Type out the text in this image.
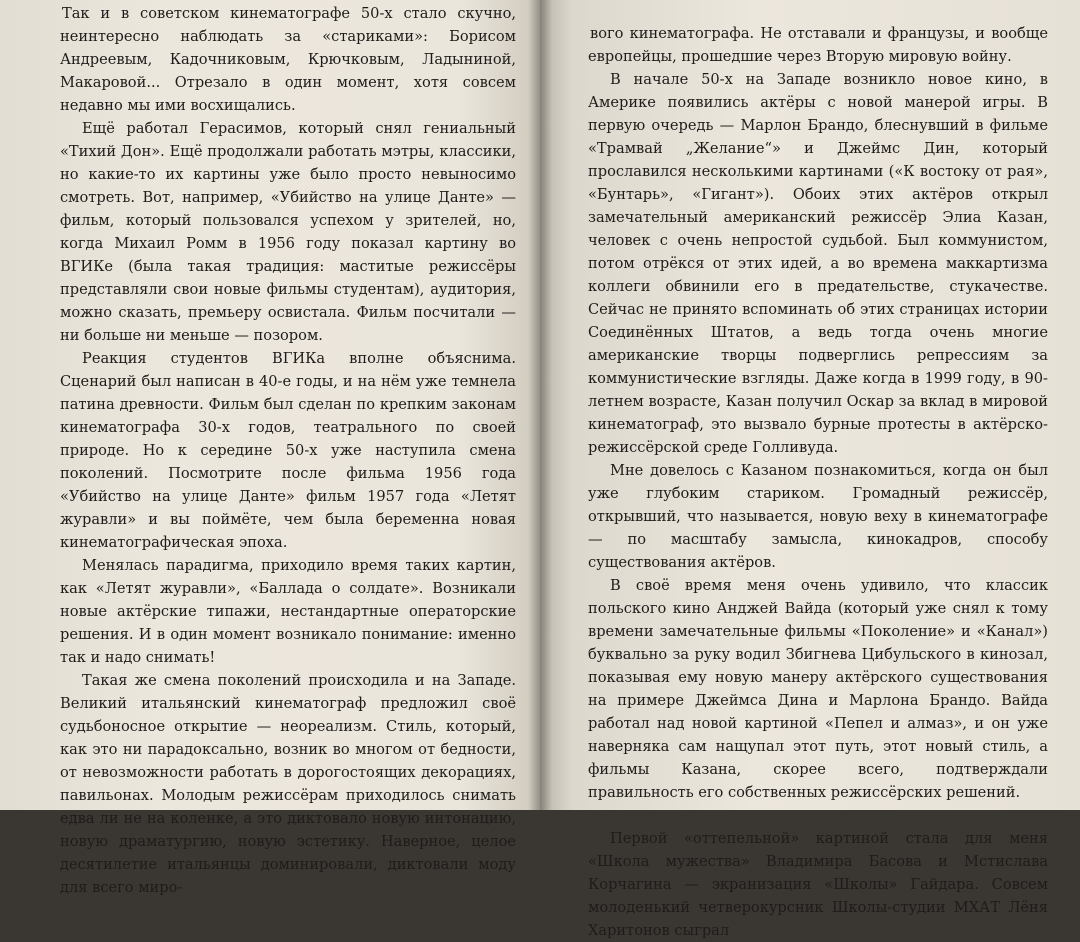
Так и в советском кинематографе 50-х стало скучно, неинтересно наблюдать за «стариками»: Борисом Андреевым, Кадочниковым, Крючковым, Ладыниной, Макаровой... Отрезало в один момент, хотя совсем недавно мы ими восхищались.

Ещё работал Герасимов, который снял гениальный «Тихий Дон». Ещё продолжали работать мэтры, классики, но какие-то их картины уже было просто невыносимо смотреть. Вот, например, «Убийство на улице Данте» — фильм, который пользовался успехом у зрителей, но, когда Михаил Ромм в 1956 году показал картину во ВГИКе (была такая традиция: маститые режиссёры представляли свои новые фильмы студентам), аудитория, можно сказать, премьеру освистала. Фильм посчитали — ни больше ни меньше — позором.

Реакция студентов ВГИКа вполне объяснима. Сценарий был написан в 40-е годы, и на нём уже темнела патина древности. Фильм был сделан по крепким законам кинематографа 30-х годов, театрального по своей природе. Но к середине 50-х уже наступила смена поколений. Посмотрите после фильма 1956 года «Убийство на улице Данте» фильм 1957 года «Летят журавли» и вы поймёте, чем была беременна новая кинематографическая эпоха.

Менялась парадигма, приходило время таких картин, как «Летят журавли», «Баллада о солдате». Возникали новые актёрские типажи, нестандартные операторские решения. И в один момент возникало понимание: именно так и надо снимать!

Такая же смена поколений происходила и на Западе. Великий итальянский кинематограф предложил своё судьбоносное открытие — неореализм. Стиль, который, как это ни парадоксально, возник во многом от бедности, от невозможности работать в дорогостоящих декорациях, павильонах. Молодым режиссёрам приходилось снимать едва ли не на коленке, а это диктовало новую интонацию, новую драматургию, новую эстетику. Наверное, целое десятилетие итальянцы доминировали, диктовали моду для всего миро-

вого кинематографа. Не отставали и французы, и вообще европейцы, прошедшие через Вторую мировую войну.

В начале 50-х на Западе возникло новое кино, в Америке появились актёры с новой манерой игры. В первую очередь — Марлон Брандо, блеснувший в фильме «Трамвай „Желание“» и Джеймс Дин, который прославился несколькими картинами («К востоку от рая», «Бунтарь», «Гигант»). Обоих этих актёров открыл замечательный американский режиссёр Элиа Казан, человек с очень непростой судьбой. Был коммунистом, потом отрёкся от этих идей, а во времена маккартизма коллеги обвинили его в предательстве, стукачестве. Сейчас не принято вспоминать об этих страницах истории Соединённых Штатов, а ведь тогда очень многие американские творцы подверглись репрессиям за коммунистические взгляды. Даже когда в 1999 году, в 90-летнем возрасте, Казан получил Оскар за вклад в мировой кинематограф, это вызвало бурные протесты в актёрско-режиссёрской среде Голливуда.

Мне довелось с Казаном познакомиться, когда он был уже глубоким стариком. Громадный режиссёр, открывший, что называется, новую веху в кинематографе — по масштабу замысла, кинокадров, способу существования актёров.

В своё время меня очень удивило, что классик польского кино Анджей Вайда (который уже снял к тому времени замечательные фильмы «Поколение» и «Канал») буквально за руку водил Збигнева Цибульского в кинозал, показывая ему новую манеру актёрского существования на примере Джеймса Дина и Марлона Брандо. Вайда работал над новой картиной «Пепел и алмаз», и он уже наверняка сам нащупал этот путь, этот новый стиль, а фильмы Казана, скорее всего, подтверждали правильность его собственных режиссёрских решений.

Первой «оттепельной» картиной стала для меня «Школа мужества» Владимира Басова и Мстислава Корчагина — экранизация «Школы» Гайдара. Совсем молоденький четверокурсник Школы-студии МХАТ Лёня Харитонов сыграл
